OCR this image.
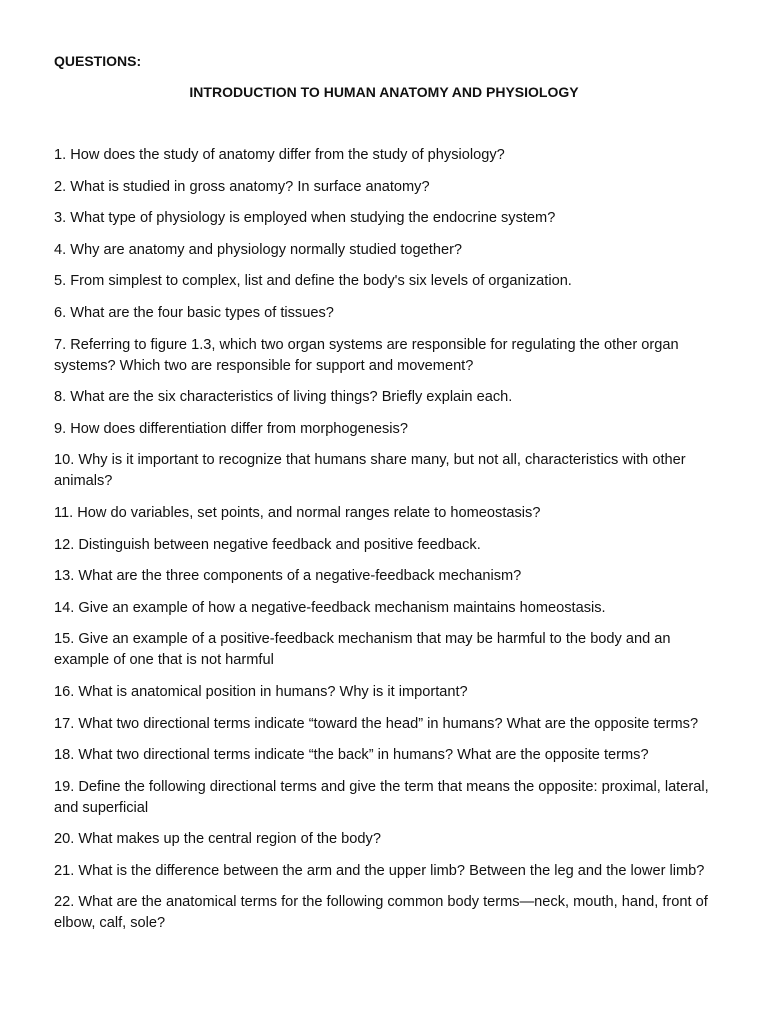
QUESTIONS:

INTRODUCTION TO HUMAN ANATOMY AND PHYSIOLOGY

1. How does the study of anatomy differ from the study of physiology?
2. What is studied in gross anatomy? In surface anatomy?
3. What type of physiology is employed when studying the endocrine system?
4. Why are anatomy and physiology normally studied together?
5. From simplest to complex, list and define the body's six levels of organization.
6. What are the four basic types of tissues?
7. Referring to figure 1.3, which two organ systems are responsible for regulating the other organ systems? Which two are responsible for support and movement?
8. What are the six characteristics of living things? Briefly explain each.
9. How does differentiation differ from morphogenesis?
10. Why is it important to recognize that humans share many, but not all, characteristics with other animals?
11. How do variables, set points, and normal ranges relate to homeostasis?
12. Distinguish between negative feedback and positive feedback.
13. What are the three components of a negative-feedback mechanism?
14. Give an example of how a negative-feedback mechanism maintains homeostasis.
15. Give an example of a positive-feedback mechanism that may be harmful to the body and an example of one that is not harmful
16. What is anatomical position in humans? Why is it important?
17. What two directional terms indicate “toward the head” in humans? What are the opposite terms?
18. What two directional terms indicate “the back” in humans? What are the opposite terms?
19. Define the following directional terms and give the term that means the opposite: proximal, lateral, and superficial
20. What makes up the central region of the body?
21. What is the difference between the arm and the upper limb? Between the leg and the lower limb?
22. What are the anatomical terms for the following common body terms—neck, mouth, hand, front of elbow, calf, sole?
